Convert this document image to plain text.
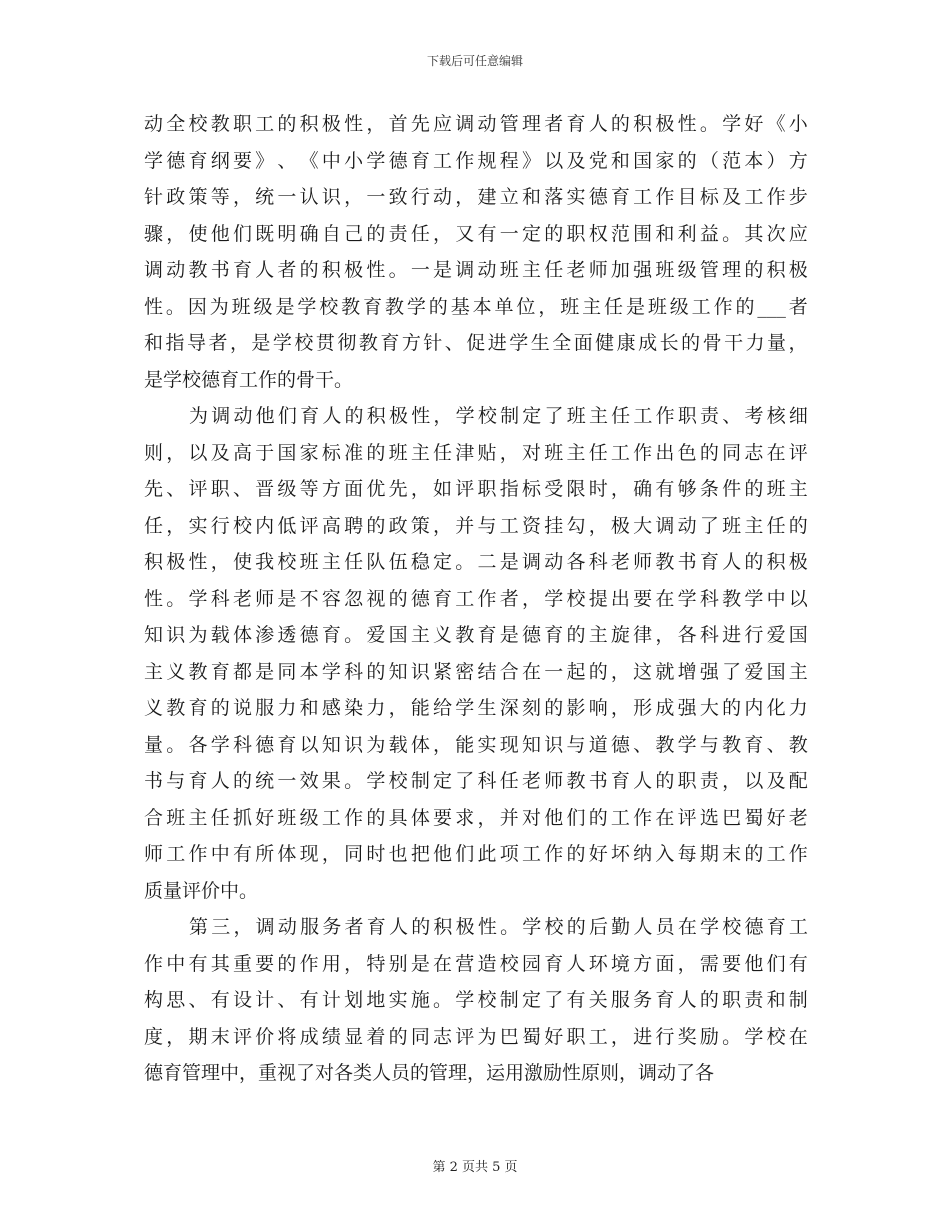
下载后可任意编辑
动 全 校 教 职 工 的 积 极 性 ， 首 先 应 调 动 管 理 者 育 人 的 积 极 性 。 学 好 《 小
学 德 育 纲 要 》 、 《 中 小 学 德 育 工 作 规 程 》 以 及 党 和 国 家 的 （ 范 本 ） 方
针 政 策 等 ， 统 一 认 识 ， 一 致 行 动 ， 建 立 和 落 实 德 育 工 作 目 标 及 工 作 步
骤 ， 使 他 们 既 明 确 自 己 的 责 任 ， 又 有 一 定 的 职 权 范 围 和 利 益 。 其 次 应
调 动 教 书 育 人 者 的 积 极 性 。 一 是 调 动 班 主 任 老 师 加 强 班 级 管 理 的 积 极
性 。 因 为 班 级 是 学 校 教 育 教 学 的 基 本 单 位 ， 班 主 任 是 班 级 工 作 的 ___ 者
和 指 导 者 ， 是 学 校 贯 彻 教 育 方 针 、 促 进 学 生 全 面 健 康 成 长 的 骨 干 力 量 ，
是学校德育工作的骨干。
为 调 动 他 们 育 人 的 积 极 性 ， 学 校 制 定 了 班 主 任 工 作 职 责 、 考 核 细
则 ， 以 及 高 于 国 家 标 准 的 班 主 任 津 贴 ， 对 班 主 任 工 作 出 色 的 同 志 在 评
先 、 评 职 、 晋 级 等 方 面 优 先 ， 如 评 职 指 标 受 限 时 ， 确 有 够 条 件 的 班 主
任 ， 实 行 校 内 低 评 高 聘 的 政 策 ， 并 与 工 资 挂 勾 ， 极 大 调 动 了 班 主 任 的
积 极 性 ， 使 我 校 班 主 任 队 伍 稳 定 。 二 是 调 动 各 科 老 师 教 书 育 人 的 积 极
性 。 学 科 老 师 是 不 容 忽 视 的 德 育 工 作 者 ， 学 校 提 出 要 在 学 科 教 学 中 以
知 识 为 载 体 渗 透 德 育 。 爱 国 主 义 教 育 是 德 育 的 主 旋 律 ， 各 科 进 行 爱 国
主 义 教 育 都 是 同 本 学 科 的 知 识 紧 密 结 合 在 一 起 的 ， 这 就 增 强 了 爱 国 主
义 教 育 的 说 服 力 和 感 染 力 ， 能 给 学 生 深 刻 的 影 响 ， 形 成 强 大 的 内 化 力
量 。 各 学 科 德 育 以 知 识 为 载 体 ， 能 实 现 知 识 与 道 德 、 教 学 与 教 育 、 教
书 与 育 人 的 统 一 效 果 。 学 校 制 定 了 科 任 老 师 教 书 育 人 的 职 责 ， 以 及 配
合 班 主 任 抓 好 班 级 工 作 的 具 体 要 求 ， 并 对 他 们 的 工 作 在 评 选 巴 蜀 好 老
师 工 作 中 有 所 体 现 ， 同 时 也 把 他 们 此 项 工 作 的 好 坏 纳 入 每 期 末 的 工 作
质量评价中。
第 三 ， 调 动 服 务 者 育 人 的 积 极 性 。 学 校 的 后 勤 人 员 在 学 校 德 育 工
作 中 有 其 重 要 的 作 用 ， 特 别 是 在 营 造 校 园 育 人 环 境 方 面 ， 需 要 他 们 有
构 思 、 有 设 计 、 有 计 划 地 实 施 。 学 校 制 定 了 有 关 服 务 育 人 的 职 责 和 制
度 ， 期 末 评 价 将 成 绩 显 着 的 同 志 评 为 巴 蜀 好 职 工 ， 进 行 奖 励 。 学 校 在
德育管理中，重视了对各类人员的管理，运用激励性原则，调动了各
第 2 页共 5 页
